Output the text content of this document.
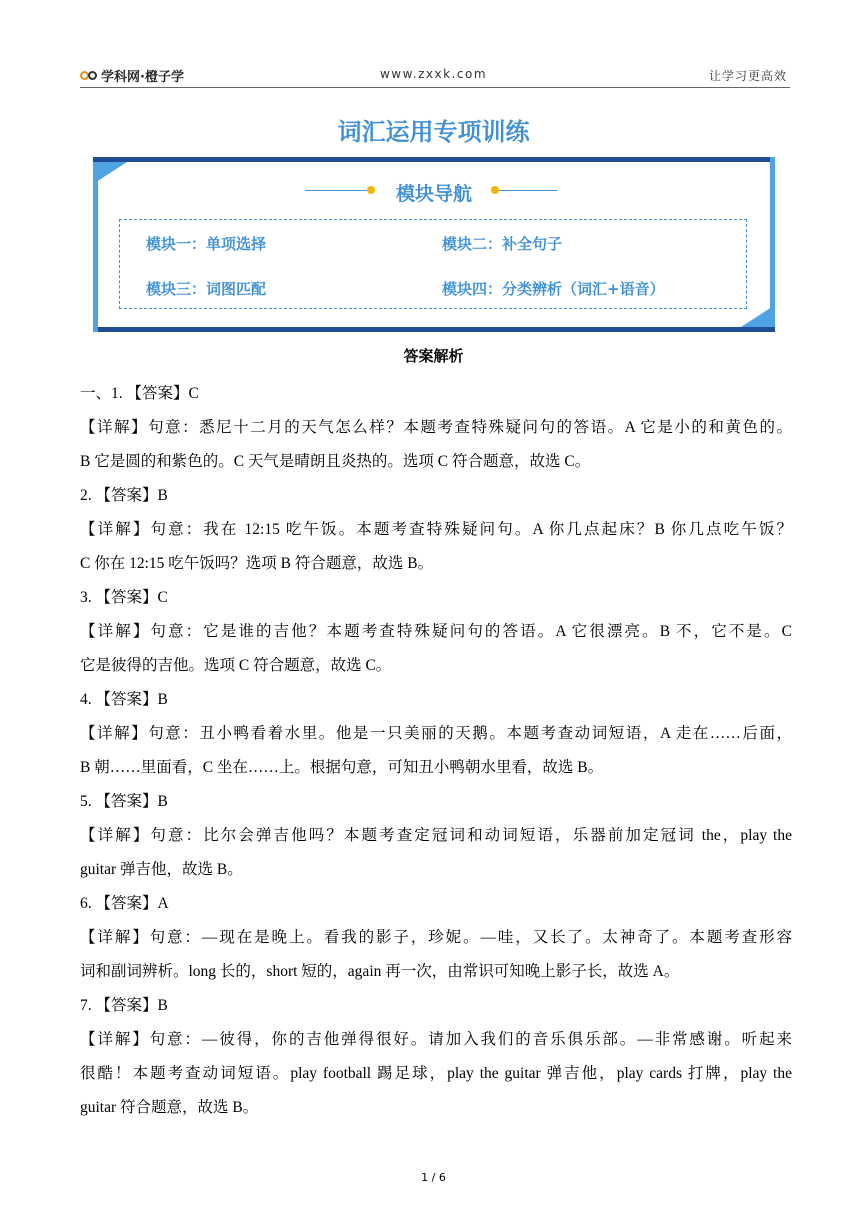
学科网·橙子学	www.zxxk.com	让学习更高效
词汇运用专项训练
模块导航
模块一：单项选择	模块二：补全句子
模块三：词图匹配	模块四：分类辨析（词汇+语音）
答案解析
一、1. 【答案】C
【详解】句意：悉尼十二月的天气怎么样？本题考查特殊疑问句的答语。A 它是小的和黄色的。
B 它是圆的和紫色的。C 天气是晴朗且炎热的。选项 C 符合题意，故选 C。
2. 【答案】B
【详解】句意：我在 12:15 吃午饭。本题考查特殊疑问句。A 你几点起床？B 你几点吃午饭？
C 你在 12:15 吃午饭吗？选项 B 符合题意，故选 B。
3. 【答案】C
【详解】句意：它是谁的吉他？本题考查特殊疑问句的答语。A 它很漂亮。B 不，它不是。C
它是彼得的吉他。选项 C 符合题意，故选 C。
4. 【答案】B
【详解】句意：丑小鸭看着水里。他是一只美丽的天鹅。本题考查动词短语，A 走在……后面，
B 朝……里面看，C 坐在……上。根据句意，可知丑小鸭朝水里看，故选 B。
5. 【答案】B
【详解】句意：比尔会弹吉他吗？本题考查定冠词和动词短语，乐器前加定冠词 the，play the
guitar 弹吉他，故选 B。
6. 【答案】A
【详解】句意：—现在是晚上。看我的影子，珍妮。—哇，又长了。太神奇了。本题考查形容
词和副词辨析。long 长的，short 短的，again 再一次，由常识可知晚上影子长，故选 A。
7. 【答案】B
【详解】句意：—彼得，你的吉他弹得很好。请加入我们的音乐俱乐部。—非常感谢。听起来
很酷！本题考查动词短语。play football 踢足球，play the guitar 弹吉他，play cards 打牌，play the
guitar 符合题意，故选 B。
1 / 6
